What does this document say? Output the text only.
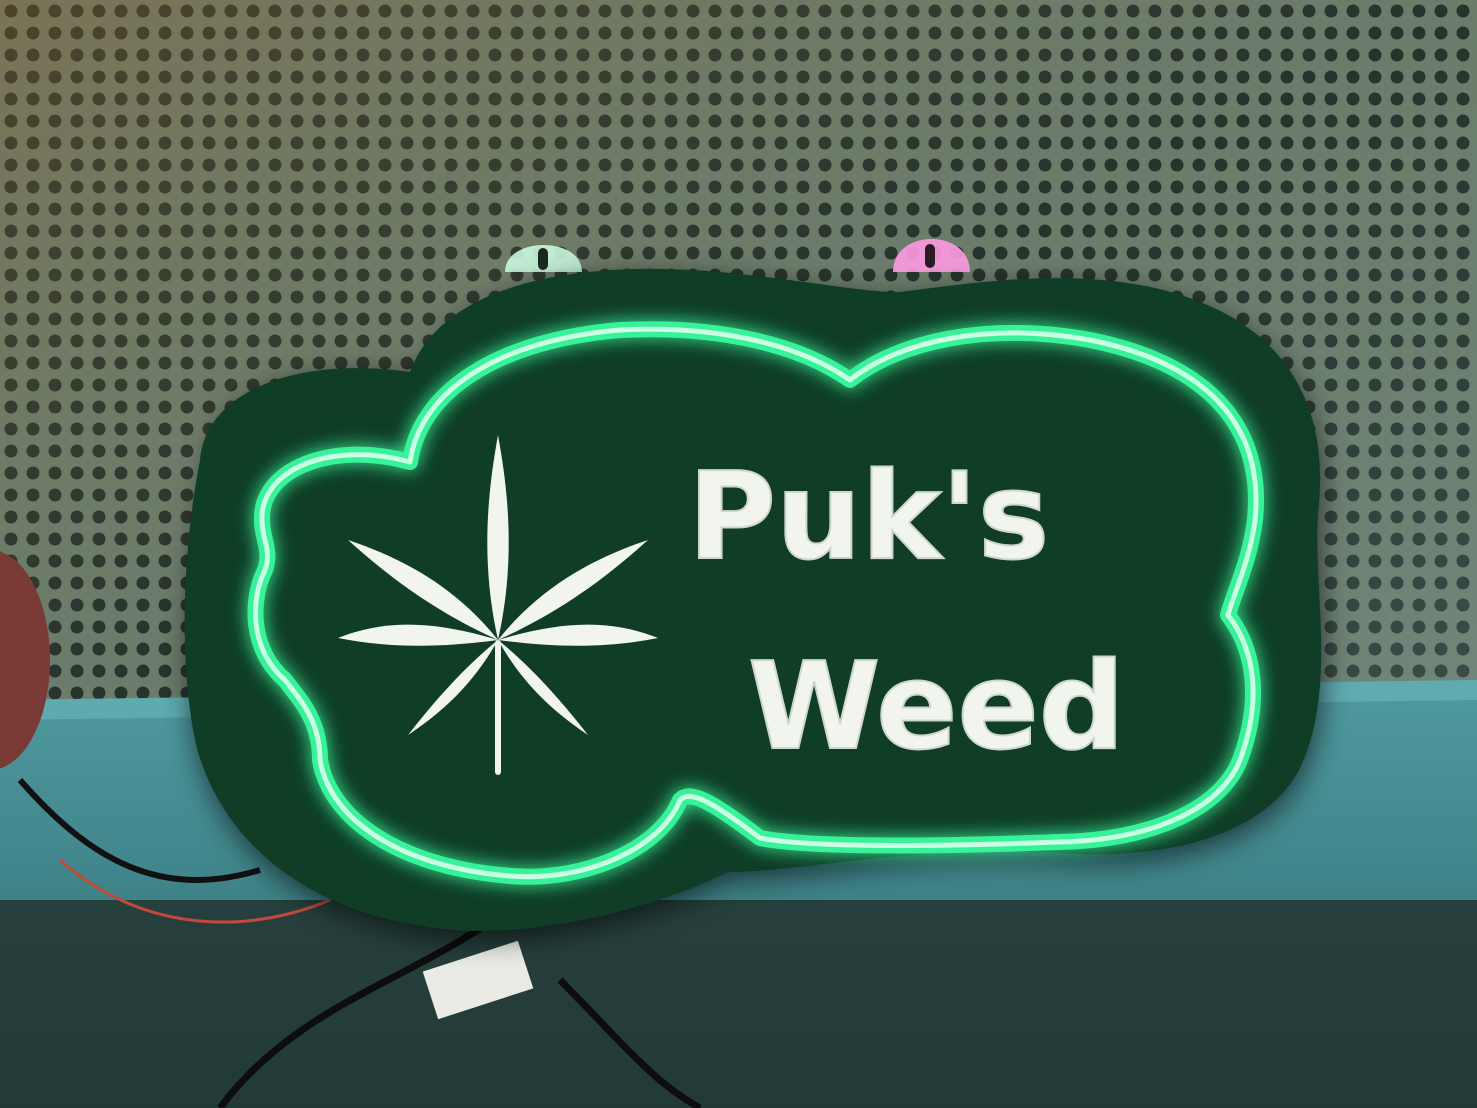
Puk's
Weed
